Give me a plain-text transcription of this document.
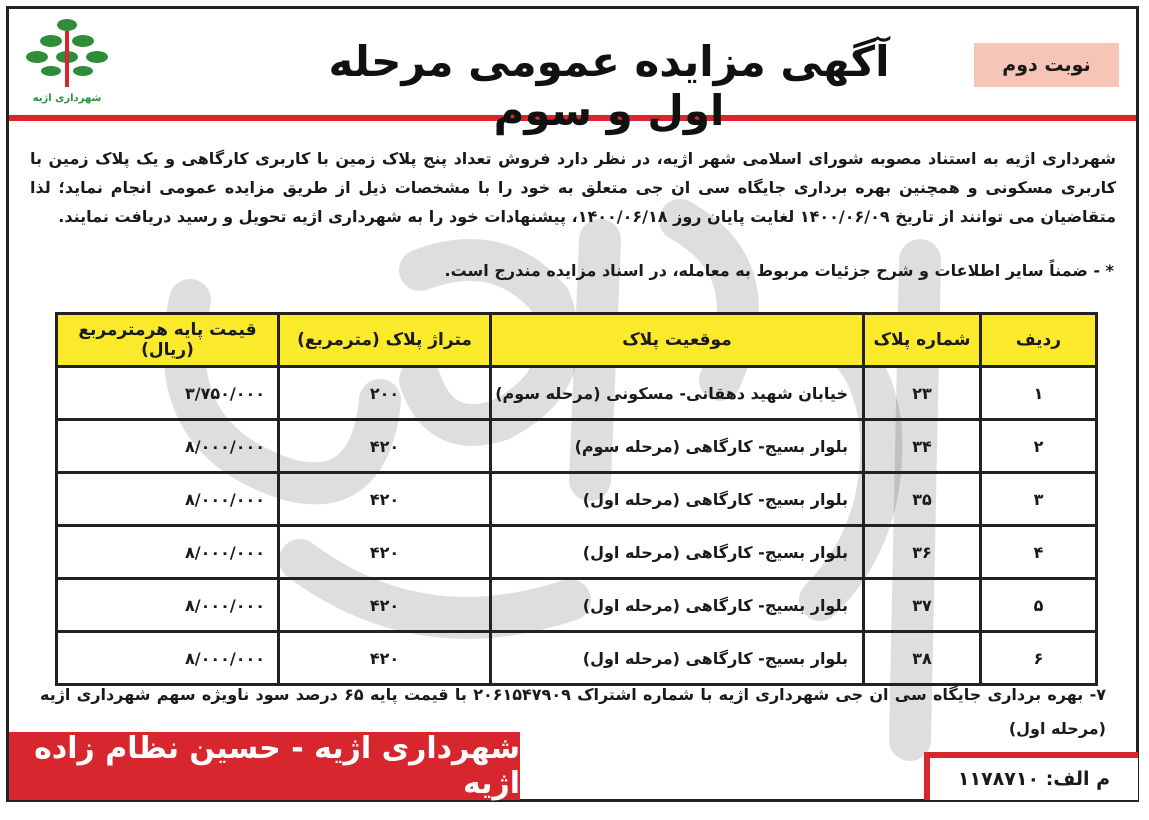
شهرداری اژیه
آگهی مزایده عمومی مرحله اول و سوم
نوبت دوم

شهرداری اژیه به استناد مصوبه شورای اسلامی شهر اژیه، در نظر دارد فروش تعداد پنج پلاک زمین با کاربری کارگاهی و یک پلاک زمین با کاربری مسکونی و همچنین بهره برداری جایگاه سی ان جی متعلق به خود را با مشخصات ذیل از طریق مزایده عمومی انجام نماید؛ لذا متقاضیان می توانند از تاریخ ۱۴۰۰/۰۶/۰۹ لغایت پایان روز ۱۴۰۰/۰۶/۱۸، پیشنهادات خود را به شهرداری اژیه تحویل و رسید دریافت نمایند.

* - ضمناً سایر اطلاعات و شرح جزئیات مربوط به معامله، در اسناد مزایده مندرج است.
ردیف	شماره پلاک	موقعیت پلاک	متراژ پلاک (مترمربع)	قیمت پایه هرمترمربع (ریال)
۱	۲۳	خیابان شهید دهقانی- مسکونی (مرحله سوم)	۲۰۰	۳/۷۵۰/۰۰۰
۲	۳۴	بلوار بسیج- کارگاهی (مرحله سوم)	۴۲۰	۸/۰۰۰/۰۰۰
۳	۳۵	بلوار بسیج- کارگاهی (مرحله اول)	۴۲۰	۸/۰۰۰/۰۰۰
۴	۳۶	بلوار بسیج- کارگاهی (مرحله اول)	۴۲۰	۸/۰۰۰/۰۰۰
۵	۳۷	بلوار بسیج- کارگاهی (مرحله اول)	۴۲۰	۸/۰۰۰/۰۰۰
۶	۳۸	بلوار بسیج- کارگاهی (مرحله اول)	۴۲۰	۸/۰۰۰/۰۰۰
۷- بهره برداری جایگاه سی ان جی شهرداری اژیه با شماره اشتراک ۲۰۶۱۵۴۷۹۰۹ با قیمت پایه ۶۵ درصد سود ناویژه سهم شهرداری اژیه (مرحله اول)
شهرداری اژیه - حسین نظام زاده اژیه	م الف: ۱۱۷۸۷۱۰
